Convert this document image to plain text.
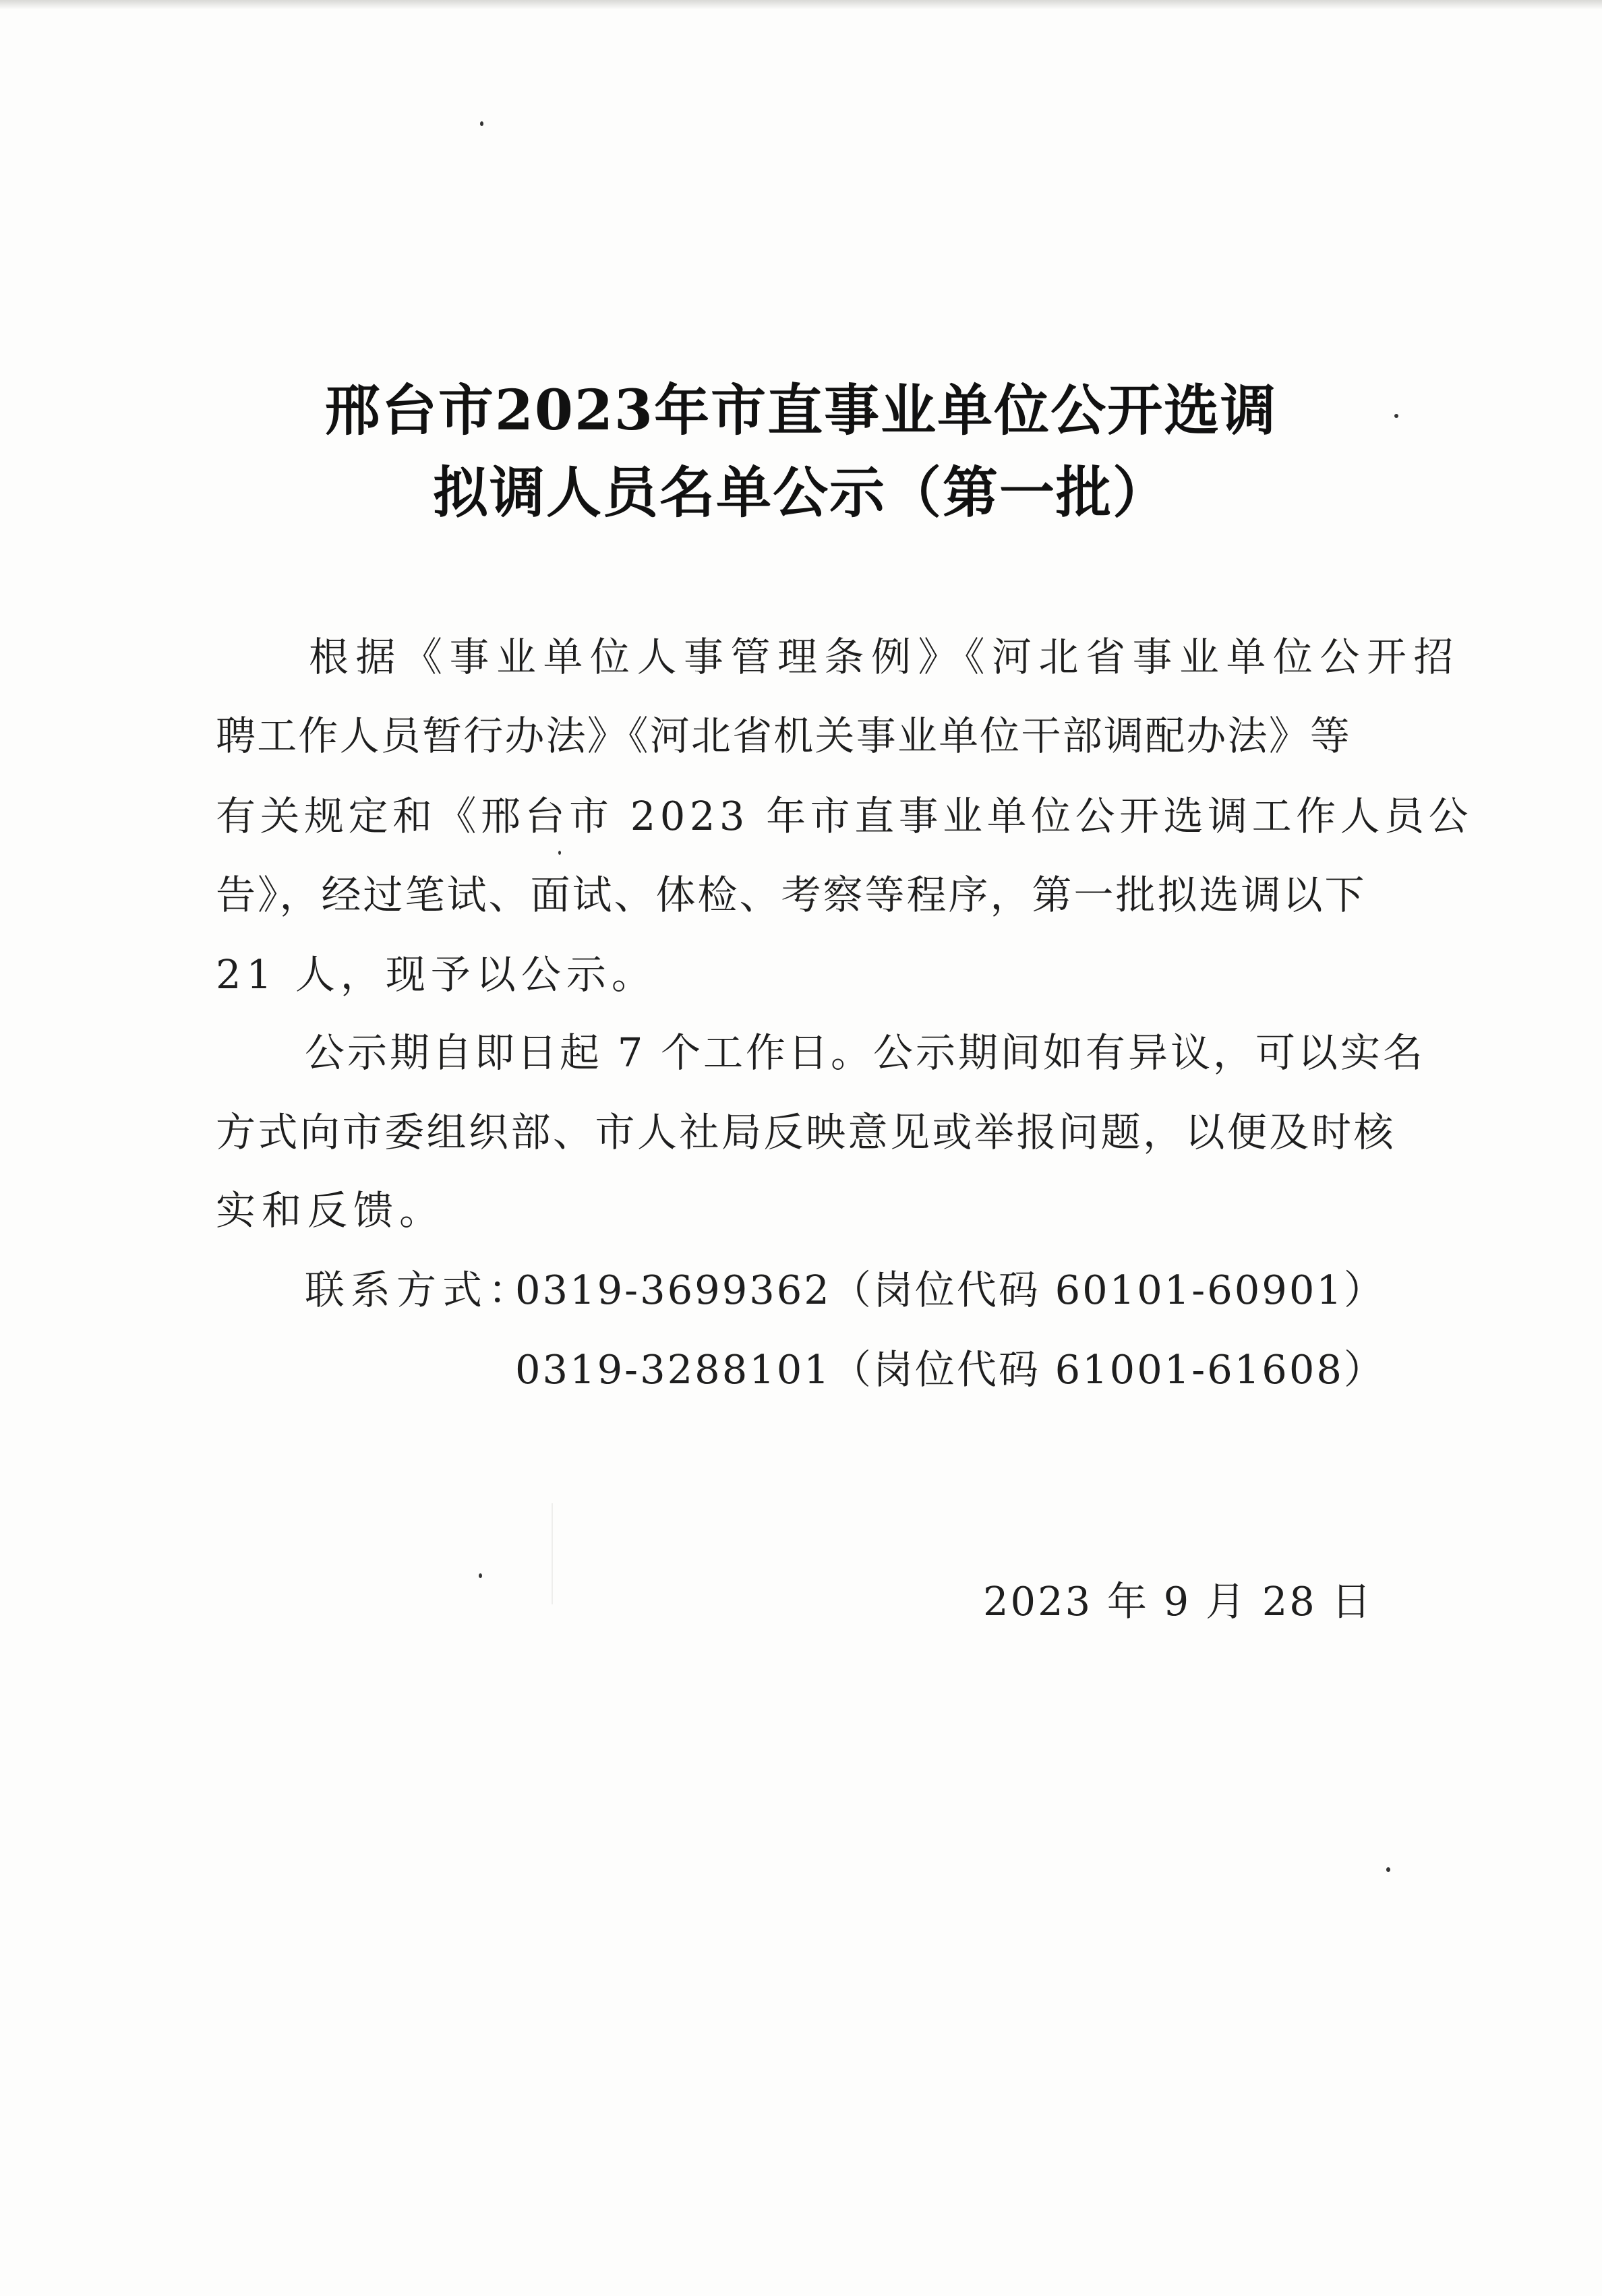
邢台市2023年市直事业单位公开选调
拟调人员名单公示（第一批）
根据《事业单位人事管理条例》《河北省事业单位公开招
聘工作人员暂行办法》《河北省机关事业单位干部调配办法》等
有关规定和《邢台市 2023 年市直事业单位公开选调工作人员公
告》，经过笔试、面试、体检、考察等程序，第一批拟选调以下
21 人，现予以公示。
公示期自即日起 7 个工作日。公示期间如有异议，可以实名
方式向市委组织部、市人社局反映意见或举报问题，以便及时核
实和反馈。
联系方式：
0319-3699362（岗位代码 60101-60901）
0319-3288101（岗位代码 61001-61608）
2023 年 9 月 28 日
